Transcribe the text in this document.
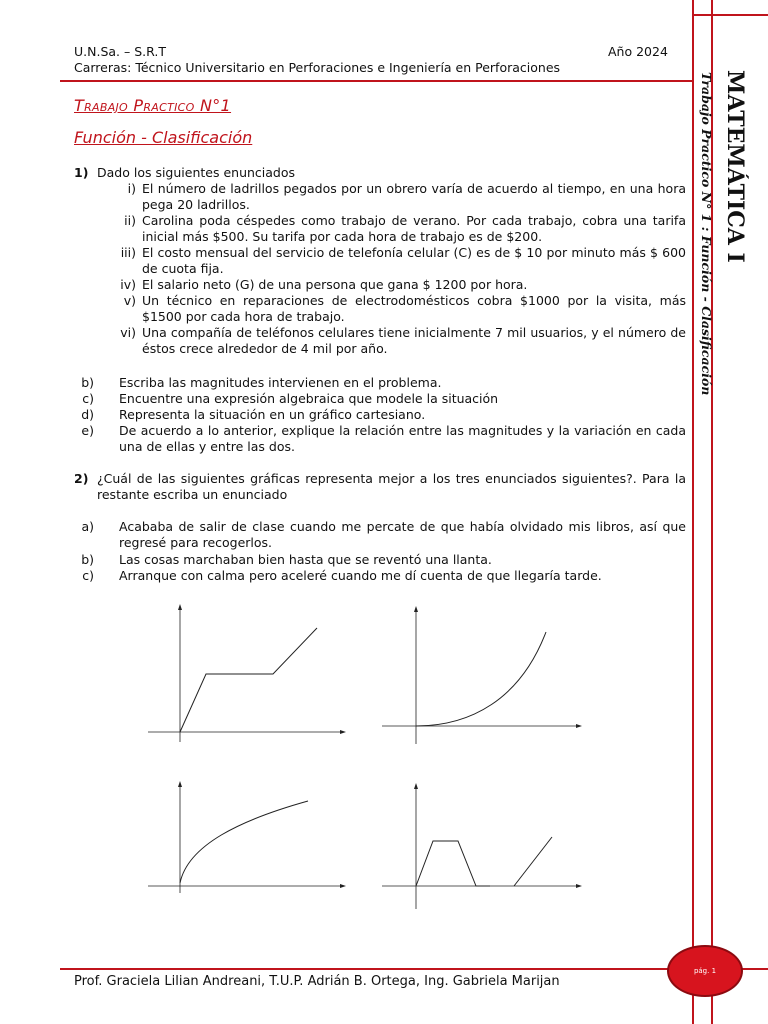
U.N.Sa. – S.R.T	Año 2024
Carreras: Técnico Universitario en Perforaciones e Ingeniería en Perforaciones
MATEMÁTICA I
Trabajo Practico N° 1 : Función - Clasificación
Trabajo Practico N°1
Función - Clasificación
1) Dado los siguientes enunciados
i) El número de ladrillos pegados por un obrero varía de acuerdo al tiempo, en una hora pega 20 ladrillos.
ii) Carolina poda céspedes como trabajo de verano. Por cada trabajo, cobra una tarifa inicial más $500. Su tarifa por cada hora de trabajo es de $200.
iii) El costo mensual del servicio de telefonía celular (C) es de $ 10 por minuto más $ 600 de cuota fija.
iv) El salario neto (G) de una persona que gana $ 1200 por hora.
v) Un técnico en reparaciones de electrodomésticos cobra $1000 por la visita, más $1500 por cada hora de trabajo.
vi) Una compañía de teléfonos celulares tiene inicialmente 7 mil usuarios, y el número de éstos crece alrededor de 4 mil por año.
b) Escriba las magnitudes intervienen en el problema.
c) Encuentre una expresión algebraica que modele la situación
d) Representa la situación en un gráfico cartesiano.
e) De acuerdo a lo anterior, explique la relación entre las magnitudes y la variación en cada una de ellas y entre las dos.
2) ¿Cuál de las siguientes gráficas representa mejor a los tres enunciados siguientes?. Para la restante escriba un enunciado
a) Acababa de salir de clase cuando me percate de que había olvidado mis libros, así que regresé para recogerlos.
b) Las cosas marchaban bien hasta que se reventó una llanta.
c) Arranque con calma pero aceleré cuando me dí cuenta de que llegaría tarde.
Prof. Graciela Lilian Andreani, T.U.P. Adrián B. Ortega, Ing. Gabriela Marijan
pág. 1
